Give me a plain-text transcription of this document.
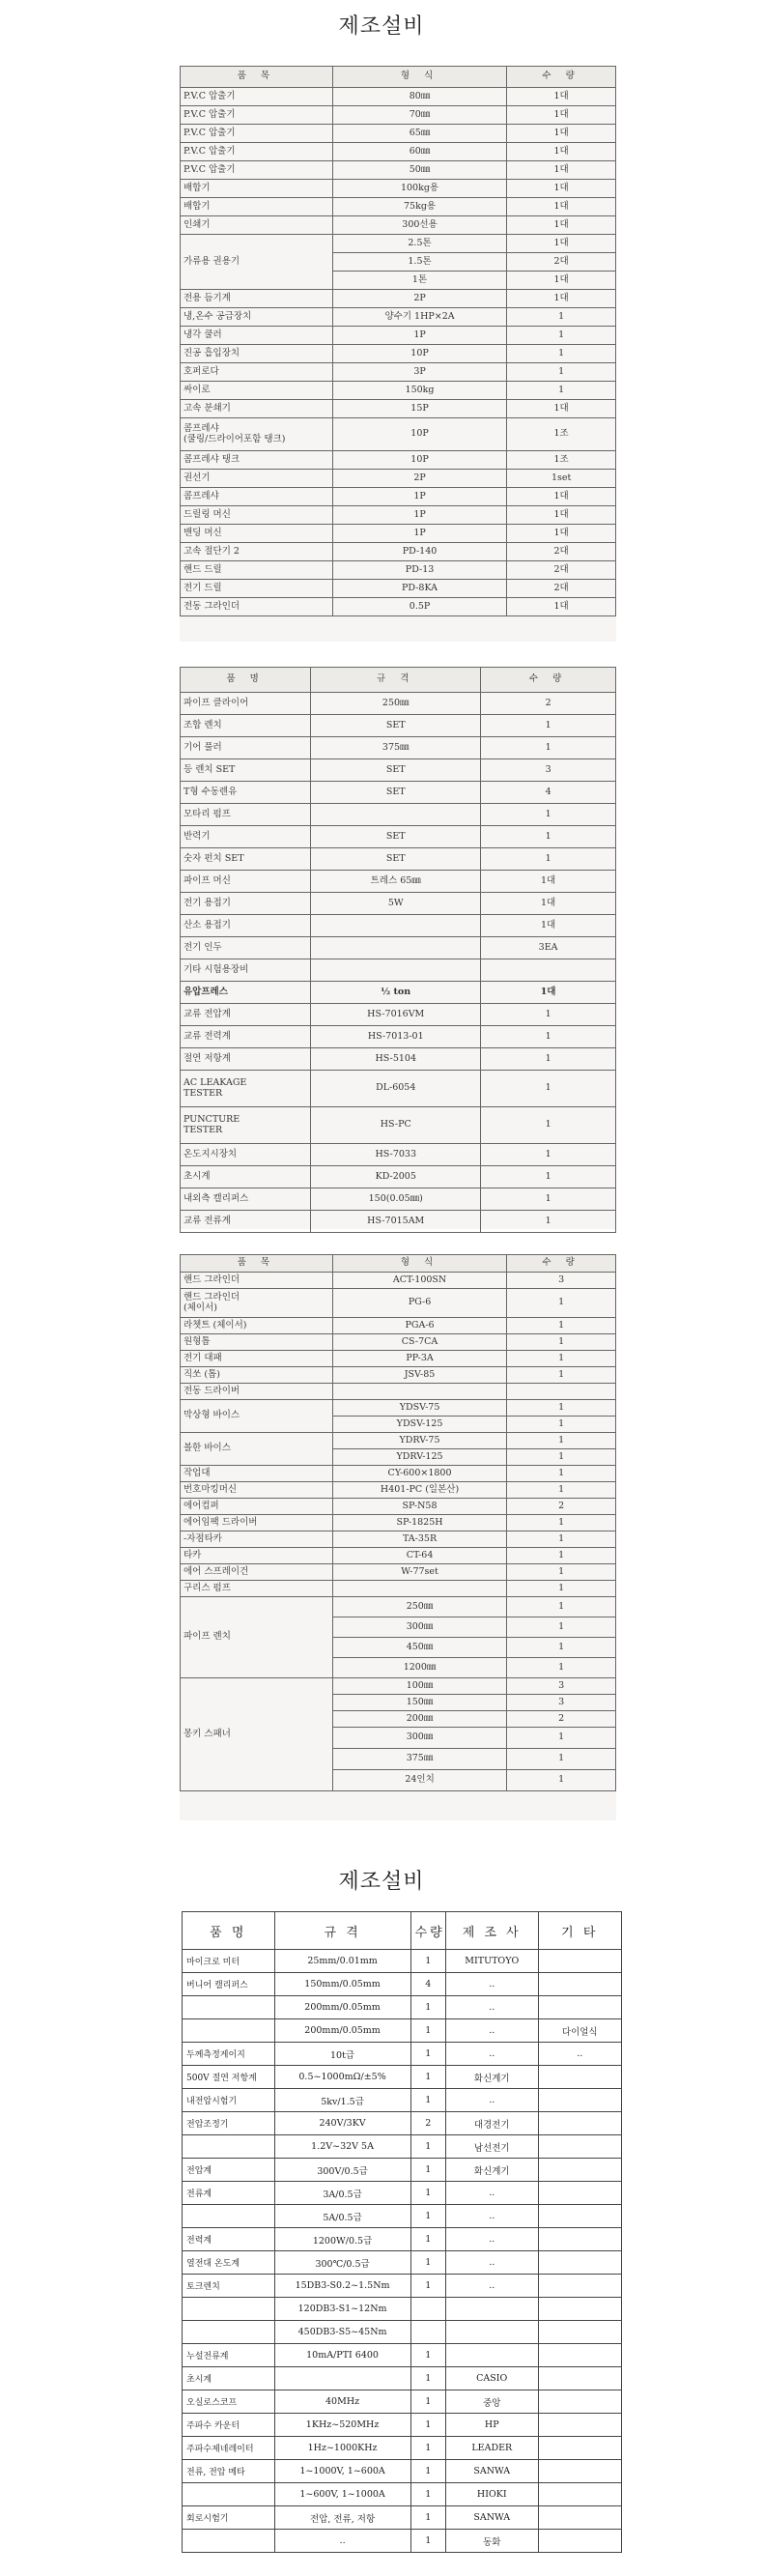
제조설비
품 목	형 식	수 량
P.V.C 압출기	80㎜	1대
P.V.C 압출기	70㎜	1대
P.V.C 압출기	65㎜	1대
P.V.C 압출기	60㎜	1대
P.V.C 압출기	50㎜	1대
배합기	100kg용	1대
배합기	75kg용	1대
인쇄기	300선용	1대
가류용 권용기	2.5톤	1대
	1.5톤	2대
	1톤	1대
전용 듬기계	2P	1대
냉,온수 공급장치	양수기 1HP×2A	1
냉각 쿨러	1P	1
진공 흡입장치	10P	1
호퍼로다	3P	1
싸이로	150kg	1
고속 분쇄기	15P	1대
콤프레샤
(쿨링/드라이어포함 탱크)	10P	1조
콤프레샤 탱크	10P	1조
권선기	2P	1set
콤프레샤	1P	1대
드릴링 머신	1P	1대
밴딩 머신	1P	1대
고속 절단기 2	PD-140	2대
핸드 드릴	PD-13	2대
전기 드릴	PD-8KA	2대
전동 그라인더	0.5P	1대
품 명	규 격	수 량
파이프 클라이어	250㎜	2
조합 렌치	SET	1
기어 풀러	375㎜	1
등 렌치 SET	SET	3
T형 수동렌유	SET	4
모타리 펌프		1
반력기	SET	1
숫자 펀치 SET	SET	1
파이프 머신	트레스 65㎜	1대
전기 용접기	5W	1대
산소 용접기		1대
전기 인두		3EA
기타 시험용장비		
유압프레스	½ ton	1대
교류 전압계	HS-7016VM	1
교류 전력계	HS-7013-01	1
절연 저항계	HS-5104	1
AC LEAKAGE
TESTER	DL-6054	1
PUNCTURE
TESTER	HS-PC	1
온도지시장치	HS-7033	1
초시계	KD-2005	1
내외측 캘리퍼스	150(0.05㎜)	1
교류 전류계	HS-7015AM	1
품 목	형 식	수 량
핸드 그라인더	ACT-100SN	3
핸드 그라인더
(체이서)	PG-6	1
라쳇트 (체이서)	PGA-6	1
원형톱	CS-7CA	1
전기 대패	PP-3A	1
직쏘 (톱)	JSV-85	1
전동 드라이버		
막상형 바이스	YDSV-75	1
	YDSV-125	1
볼한 바이스	YDRV-75	1
	YDRV-125	1
작업대	CY-600×1800	1
번호마킹머신	H401-PC (일본산)	1
에어컴퍼	SP-N58	2
에어임팩 드라이버	SP-1825H	1
-자점타카	TA-35R	1
타카	CT-64	1
에어 스프레이건	W-77set	1
구리스 펌프		1
파이프 렌치	250㎜	1
	300㎜	1
	450㎜	1
	1200㎜	1
몽키 스패너	100㎜	3
	150㎜	3
	200㎜	2
	300㎜	1
	375㎜	1
	24인치	1
제조설비
품 명	규 격	수량	제 조 사	기 타
마이크로 미터	25mm/0.01mm	1	MITUTOYO	
버니어 캘리퍼스	150mm/0.05mm	4	..	
	200mm/0.05mm	1	..	
	200mm/0.05mm	1	..	다이얼식
두께측정게이지	10t급	1	..	..
500V 절연 저항계	0.5~1000mΩ/±5%	1	화신계기	
내전압시험기	5kv/1.5급	1	..	
전압조정기	240V/3KV	2	대경전기	
	1.2V~32V 5A	1	남선전기	
전압계	300V/0.5급	1	화신계기	
전류계	3A/0.5급	1	..	
	5A/0.5급	1	..	
전력계	1200W/0.5급	1	..	
열전대 온도계	300℃/0.5급	1	..	
토크렌치	15DB3-S0.2~1.5Nm	1	..	
	120DB3-S1~12Nm			
	450DB3-S5~45Nm			
누설전류계	10mA/PTI 6400	1		
초시계		1	CASIO	
오실로스코프	40MHz	1	중앙	
주파수 카운터	1KHz~520MHz	1	HP	
주파수제네레이터	1Hz~1000KHz	1	LEADER	
전류, 전압 메타	1~1000V, 1~600A	1	SANWA	
	1~600V, 1~1000A	1	HIOKI	
회로시험기	전압, 전류, 저항	1	SANWA	
	..	1	동화	
